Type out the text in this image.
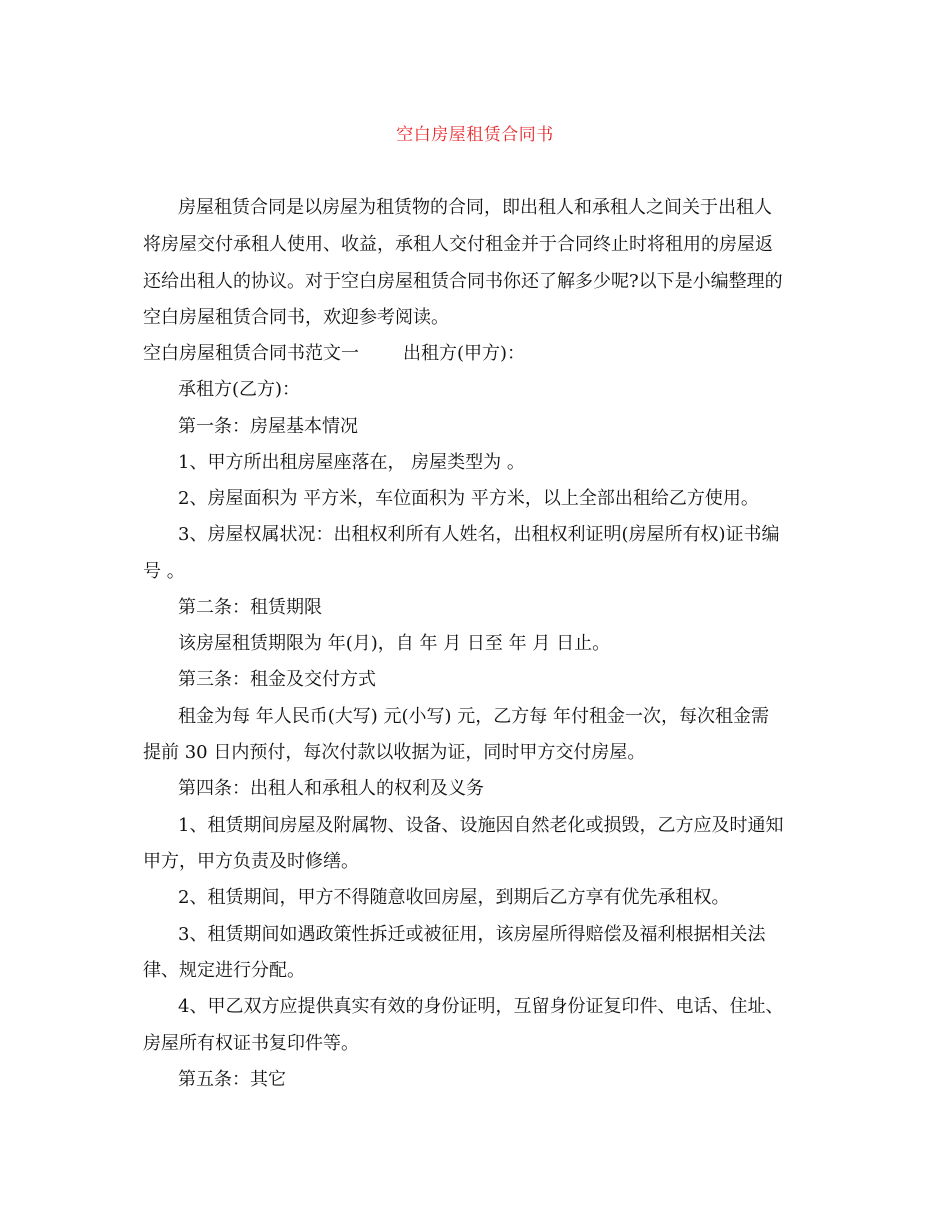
空白房屋租赁合同书
房屋租赁合同是以房屋为租赁物的合同，即出租人和承租人之间关于出租人
将房屋交付承租人使用、收益，承租人交付租金并于合同终止时将租用的房屋返
还给出租人的协议。对于空白房屋租赁合同书你还了解多少呢?以下是小编整理的
空白房屋租赁合同书，欢迎参考阅读。
空白房屋租赁合同书范文一 出租方(甲方)：
承租方(乙方)：
第一条：房屋基本情况
1、甲方所出租房屋座落在， 房屋类型为 。
2、房屋面积为 平方米，车位面积为 平方米，以上全部出租给乙方使用。
3、房屋权属状况：出租权利所有人姓名，出租权利证明(房屋所有权)证书编
号 。
第二条：租赁期限
该房屋租赁期限为 年(月)，自 年 月 日至 年 月 日止。
第三条：租金及交付方式
租金为每 年人民币(大写) 元(小写) 元，乙方每 年付租金一次，每次租金需
提前 30 日内预付，每次付款以收据为证，同时甲方交付房屋。
第四条：出租人和承租人的权利及义务
1、租赁期间房屋及附属物、设备、设施因自然老化或损毁，乙方应及时通知
甲方，甲方负责及时修缮。
2、租赁期间，甲方不得随意收回房屋，到期后乙方享有优先承租权。
3、租赁期间如遇政策性拆迁或被征用，该房屋所得赔偿及福利根据相关法
律、规定进行分配。
4、甲乙双方应提供真实有效的身份证明，互留身份证复印件、电话、住址、
房屋所有权证书复印件等。
第五条：其它
